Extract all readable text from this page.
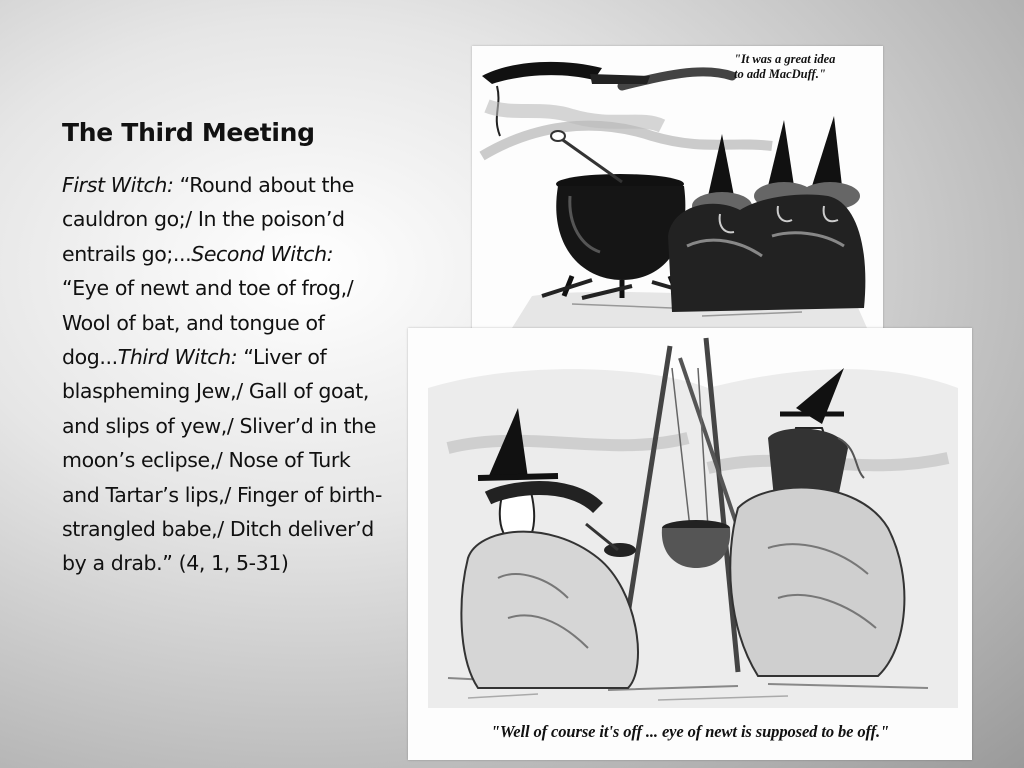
The Third Meeting

First Witch: “Round about the cauldron go;/ In the poison’d entrails go;...Second Witch: “Eye of newt and toe of frog,/ Wool of bat, and tongue of dog...Third Witch: “Liver of blaspheming Jew,/ Gall of goat, and slips of yew,/ Sliver’d in the moon’s eclipse,/ Nose of Turk and Tartar’s lips,/ Finger of birth-strangled babe,/ Ditch deliver’d by a drab.” (4, 1, 5-31)

"It was a great idea
to add MacDuff."
"Well of course it's off ... eye of newt is supposed to be off."
